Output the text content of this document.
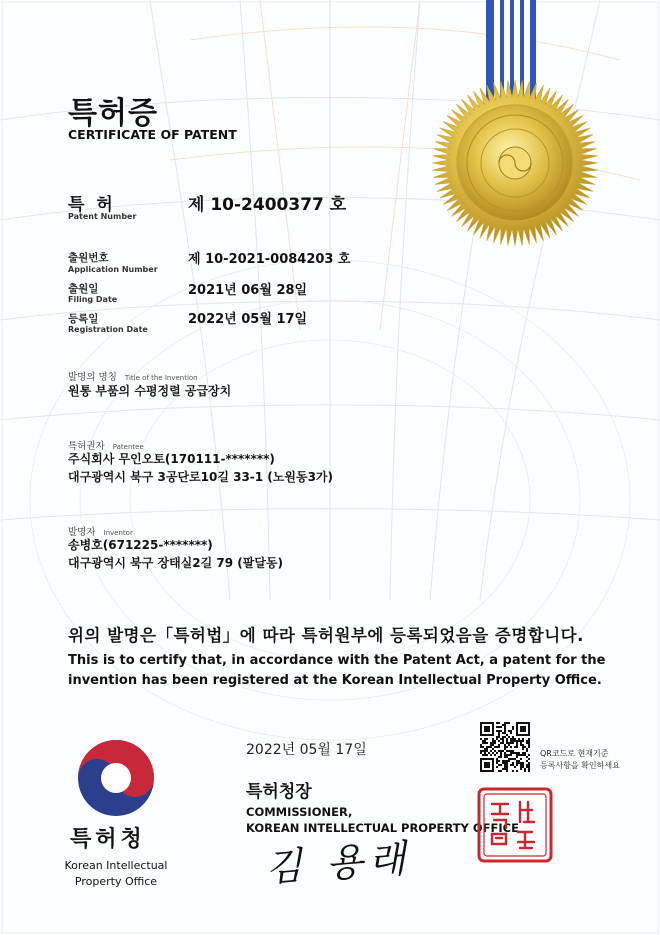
특허증
CERTIFICATE OF PATENT
특 허
Patent Number
제 10-2400377 호
출원번호
Application Number
제 10-2021-0084203 호
출원일
Filing Date
2021년 06월 28일
등록일
Registration Date
2022년 05월 17일
발명의 명칭 Title of the Invention
원통 부품의 수평정렬 공급장치
특허권자 Patentee
주식회사 무인오토(170111-*******)
대구광역시 북구 3공단로10길 33-1 (노원동3가)
발명자 Inventor
송병호(671225-*******)
대구광역시 북구 장태실2길 79 (팔달동)
위의 발명은「특허법」에 따라 특허원부에 등록되었음을 증명합니다.
This is to certify that, in accordance with the Patent Act, a patent for the
invention has been registered at the Korean Intellectual Property Office.
특허청
Korean Intellectual
Property Office
2022년 05월 17일
특허청장
COMMISSIONER,
KOREAN INTELLECTUAL PROPERTY OFFICE
김 용래
QR코드로 현재기준
등록사항을 확인하세요
